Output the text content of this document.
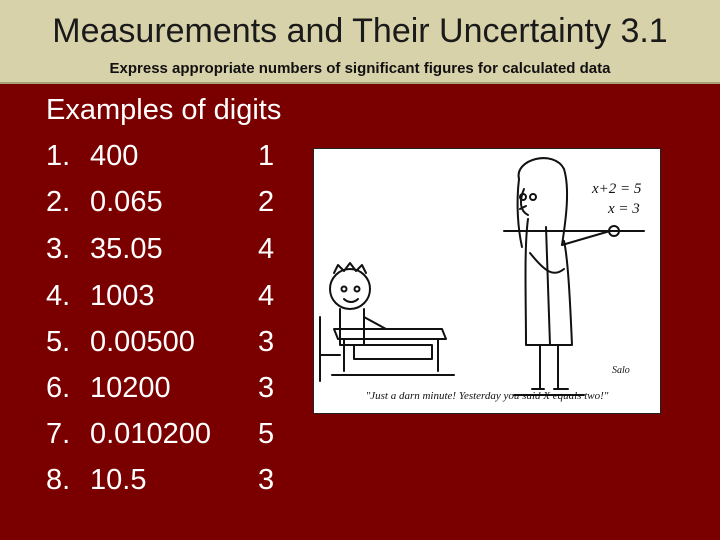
Measurements and Their Uncertainty 3.1
Express appropriate numbers of significant figures for calculated data
Examples of digits
1. 400	1
2. 0.065	2
3. 35.05	4
4. 1003	4
5. 0.00500 3
6. 10200	3
7. 0.010200 5
8. 10.5	3
x+2 = 5
x = 3
Salo
"Just a darn minute! Yesterday you said X equals two!"
